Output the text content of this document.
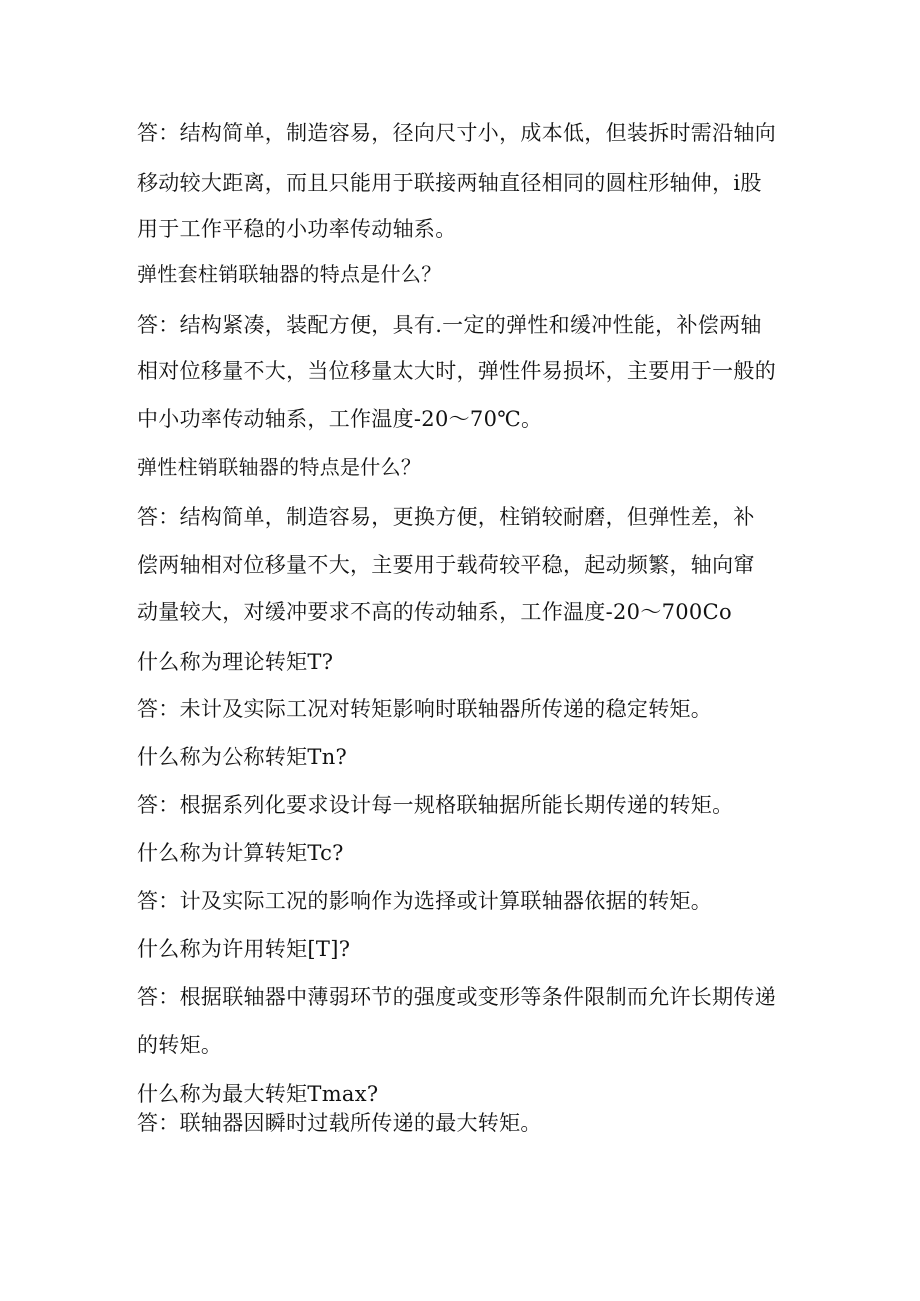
答：结构简单，制造容易，径向尺寸小，成本低，但装拆时需沿轴向
移动较大距离，而且只能用于联接两轴直径相同的圆柱形轴伸，i股
用于工作平稳的小功率传动轴系。
弹性套柱销联轴器的特点是什么？
答：结构紧凑，装配方便，具有.一定的弹性和缓冲性能，补偿两轴
相对位移量不大，当位移量太大时，弹性件易损坏，主要用于一般的
中小功率传动轴系，工作温度-20〜70℃。
弹性柱销联轴器的特点是什么？
答：结构简单，制造容易，更换方便，柱销较耐磨，但弹性差，补
偿两轴相对位移量不大，主要用于载荷较平稳，起动频繁，轴向窜
动量较大，对缓冲要求不高的传动轴系，工作温度-20〜700Co
什么称为理论转矩T?
答：未计及实际工况对转矩影响时联轴器所传递的稳定转矩。
什么称为公称转矩Tn?
答：根据系列化要求设计每一规格联轴据所能长期传递的转矩。
什么称为计算转矩Tc?
答：计及实际工况的影响作为选择或计算联轴器依据的转矩。
什么称为许用转矩[T]?
答：根据联轴器中薄弱环节的强度或变形等条件限制而允许长期传递
的转矩。
什么称为最大转矩Tmax?
答：联轴器因瞬时过载所传递的最大转矩。
